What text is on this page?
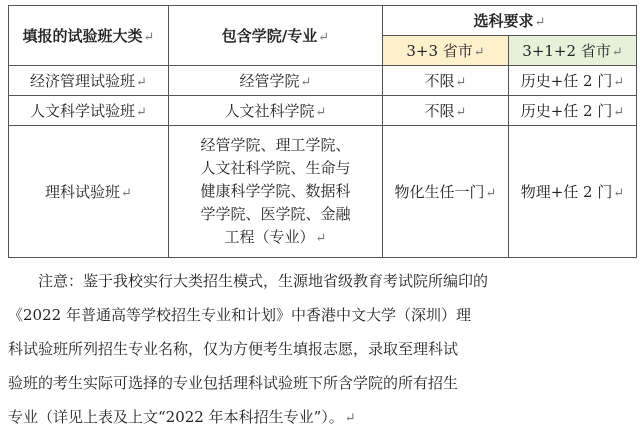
填报的试验班大类↵	包含学院/专业↵	选科要求↵	
		3+3 省市↵	3+1+2 省市↵
经济管理试验班↵	经管学院↵	不限↵	历史+任 2 门↵
人文科学试验班↵	人文社科学院↵	不限↵	历史+任 2 门↵
理科试验班↵	经管学院、理工学院、
人文社科学院、生命与
健康科学学院、数据科
学学院、医学院、金融
工程（专业）↵	物化生任一门↵	物理+任 2 门↵

注意：鉴于我校实行大类招生模式，生源地省级教育考试院所编印的

《2022 年普通高等学校招生专业和计划》中香港中文大学（深圳）理

科试验班所列招生专业名称，仅为方便考生填报志愿，录取至理科试

验班的考生实际可选择的专业包括理科试验班下所含学院的所有招生

专业（详见上表及上文“2022 年本科招生专业”）。↵
